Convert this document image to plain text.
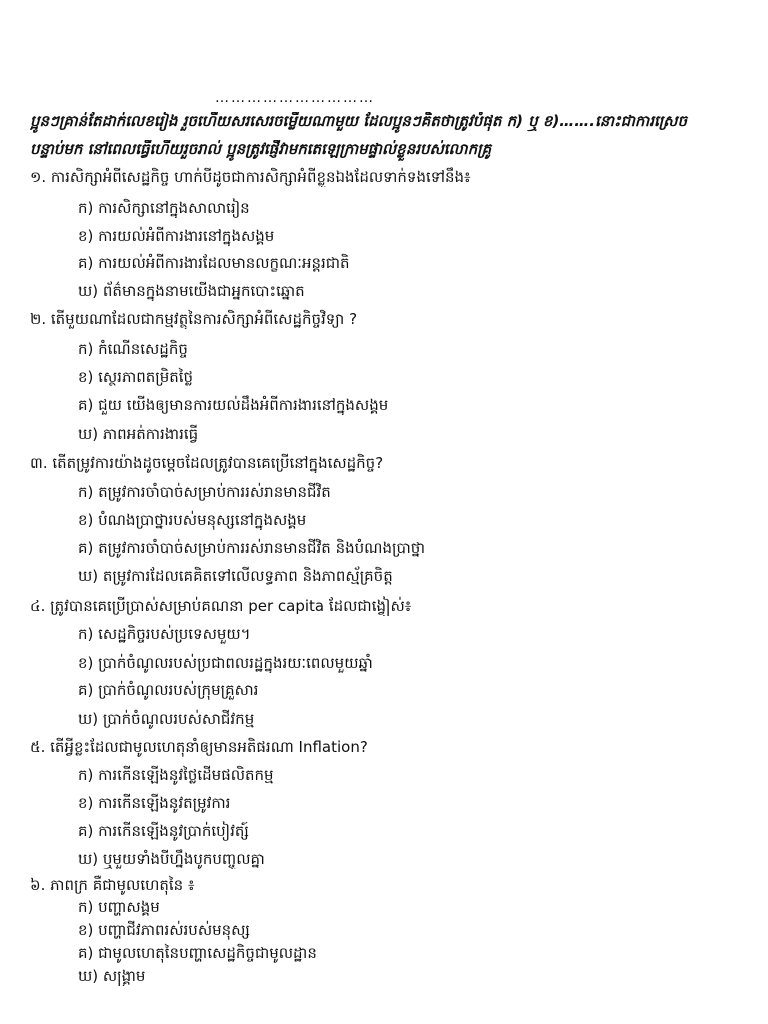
…………………………
ប្អូនៗគ្រាន់តែដាក់លេខរៀង រួចហើយសរសេរចម្លើយណាមួយ ដែលប្អូនៗគិតថាត្រូវបំផុត ក) ឬ ខ)…….នោះជាការស្រេច
បន្ទាប់មក នៅពេលធ្វើហើយរួចរាល់ ប្អូនត្រូវផ្ញើវាមកតេឡេក្រាមផ្ទាល់ខ្លួនរបស់លោកគ្រូ
១. ការសិក្សាអំពីសេដ្ឋកិច្ច ហាក់បីដូចជាការសិក្សាអំពីខ្លួនឯងដែលទាក់ទងទៅនឹង៖
ក) ការសិក្សានៅក្នុងសាលារៀន
ខ) ការយល់អំពីការងារនៅក្នុងសង្គម
គ) ការយល់អំពីការងារដែលមានលក្ខណៈអន្តរជាតិ
ឃ) ព័ត៌មានក្នុងនាមយើងជាអ្នកបោះឆ្នោត
២. តើមួយណាដែលជាកម្មវត្ថុនៃការសិក្សាអំពីសេដ្ឋកិច្ចវិទ្យា ?
ក) កំណើនសេដ្ឋកិច្ច
ខ) ស្ថេរភាពតម្រិតថ្លៃ
គ) ជួយ យើងឲ្យមានការយល់ដឹងអំពីការងារនៅក្នុងសង្គម
ឃ) ភាពអត់ការងារធ្វើ
៣. តើតម្រូវការយ៉ាងដូចម្ដេចដែលត្រូវបានគេប្រើនៅក្នុងសេដ្ឋកិច្ច?
ក) តម្រូវការចាំបាច់សម្រាប់ការរស់រានមានជីវិត
ខ) បំណងប្រាថ្នារបស់មនុស្សនៅក្នុងសង្គម
គ) តម្រូវការចាំបាច់សម្រាប់ការរស់រានមានជីវិត និងបំណងប្រាថ្នា
ឃ) តម្រូវការដែលគេគិតទៅលើលទ្ធភាព និងភាពស្ម័គ្រចិត្ត
៤. ត្រូវបានគេប្រើប្រាស់សម្រាប់គណនា per capita ដែលជាង្វៀស់៖
ក) សេដ្ឋកិច្ចរបស់ប្រទេសមួយ។
ខ) ប្រាក់ចំណូលរបស់ប្រជាពលរដ្ឋក្នុងរយៈពេលមួយឆ្នាំ
គ) ប្រាក់ចំណូលរបស់ក្រុមគ្រួសារ
ឃ) ប្រាក់ចំណូលរបស់សាជីវកម្ម
៥. តើអ្វីខ្លះដែលជាមូលហេតុនាំឲ្យមានអតិផរណា Inflation?
ក) ការកើនឡើងនូវថ្លៃដើមផលិតកម្ម
ខ) ការកើនឡើងនូវតម្រូវការ
គ) ការកើនឡើងនូវប្រាក់បៀវត្ស៍
ឃ) ឬមួយទាំងបីហ្នឹងបូកបញ្ចូលគ្នា
៦. ភាពក្រ គឺជាមូលហេតុនៃ ៖
ក) បញ្ហាសង្គម
ខ) បញ្ហាជីវភាពរស់របស់មនុស្ស
គ) ជាមូលហេតុនៃបញ្ហាសេដ្ឋកិច្ចជាមូលដ្ឋាន
ឃ) សង្គ្រាម
